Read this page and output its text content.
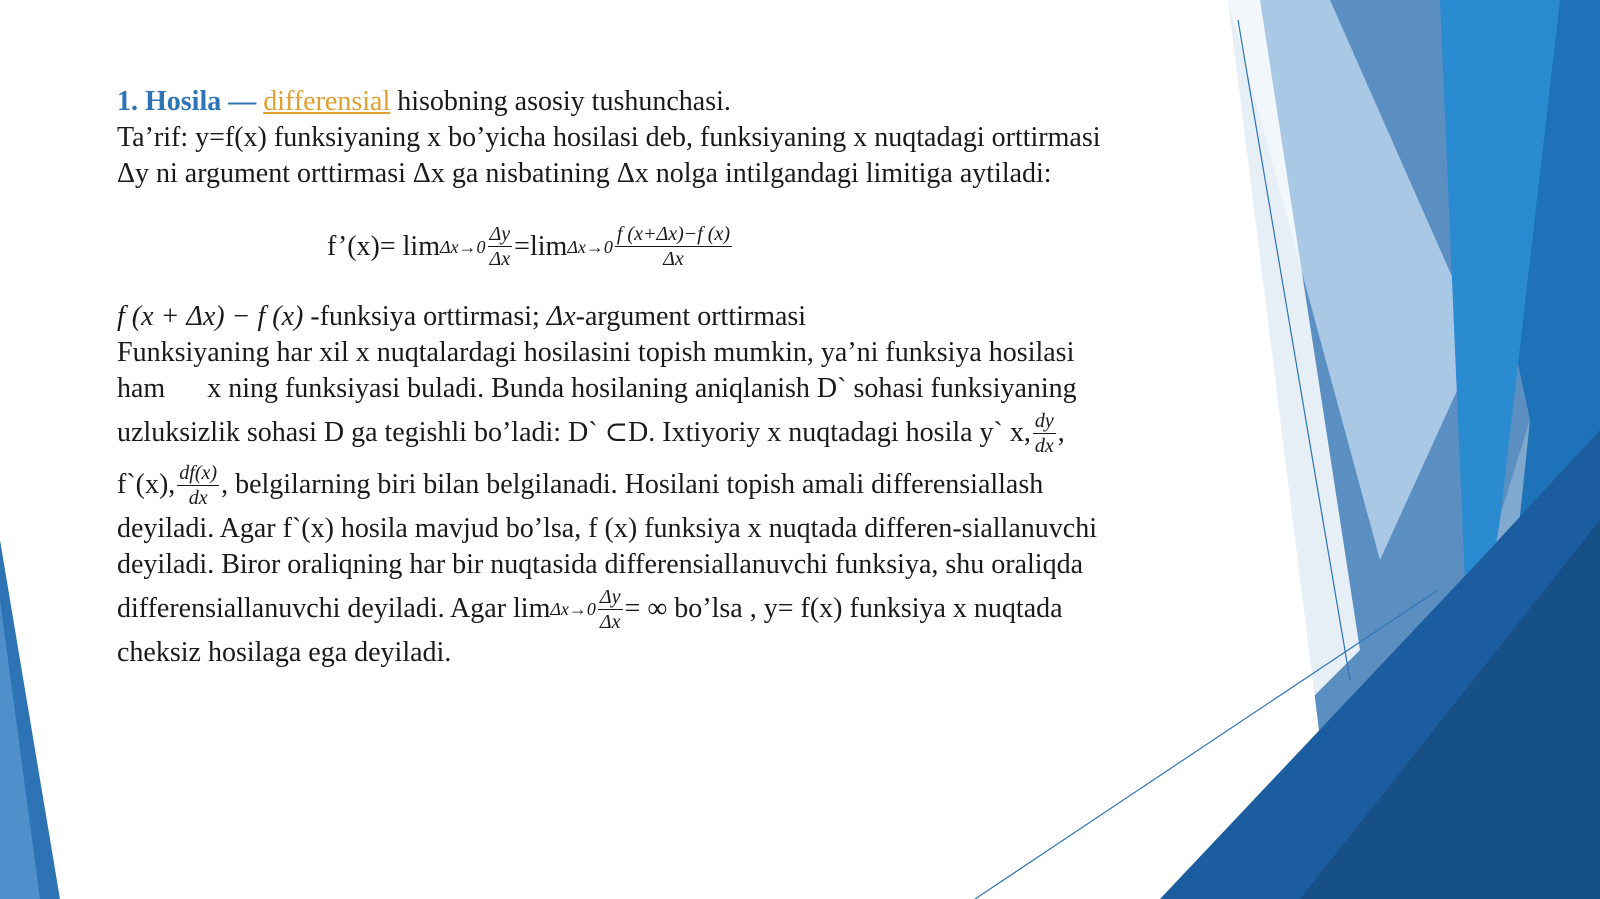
1. Hosila — differensial hisobning asosiy tushunchasi.
Ta’rif: y=f(x) funksiyaning x bo’yicha hosilasi deb, funksiyaning x nuqtadagi orttirmasi
Δy ni argument orttirmasi Δx ga nisbatining Δx nolga intilgandagi limitiga aytiladi:
f’(x)= $\lim \Delta x\to 0 \frac{\Delta y}{\Delta x} =\lim$ $\Delta x\to 0 \frac{f (x+\Delta x)-f (x)}{\Delta x}$
f (x + Δx) − f (x) -funksiya orttirmasi; Δx-argument orttirmasi
Funksiyaning har xil x nuqtalardagi hosilasini topish mumkin, ya’ni funksiya hosilasi
ham      x ning funksiyasi buladi. Bunda hosilaning aniqlanish D` sohasi funksiyaning
uzluksizlik sohasi D ga tegishli bo’ladi: D` ⊂D. Ixtiyoriy x nuqtadagi hosila y` x, $\frac{dy}{dx}$ ,
f`(x), $\frac{df(x)}{dx}$ , belgilarning biri bilan belgilanadi. Hosilani topish amali differensiallash
deyiladi. Agar f`(x) hosila mavjud bo’lsa, f (x) funksiya x nuqtada differen-siallanuvchi
deyiladi. Biror oraliqning har bir nuqtasida differensiallanuvchi funksiya, shu oraliqda
differensiallanuvchi deyiladi. Agar $\lim \Delta x\to 0 \frac{\Delta y}{\Delta x}$ = ∞ bo’lsa , y= f(x) funksiya x nuqtada
cheksiz hosilaga ega deyiladi.
